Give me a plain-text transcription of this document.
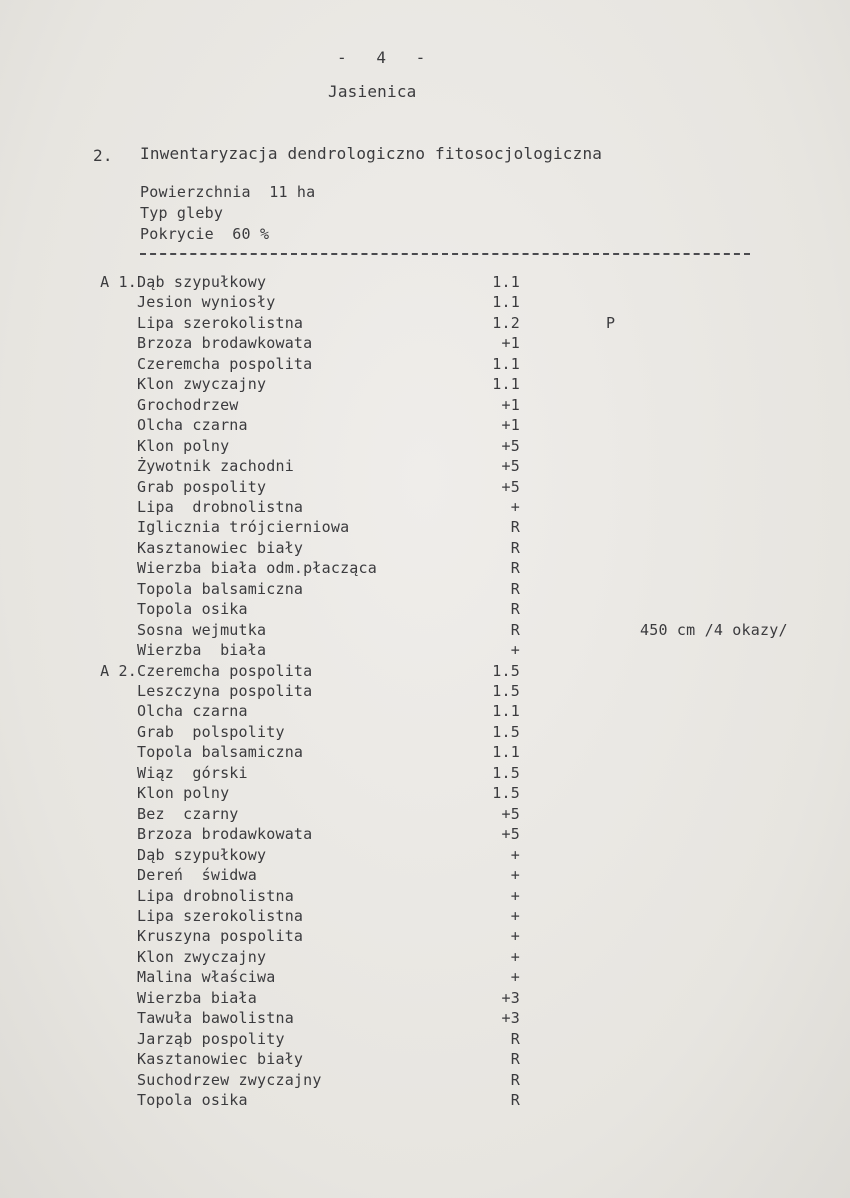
-   4   -
Jasienica
2. Inwentaryzacja dendrologiczno fitosocjologiczna
Powierzchnia  11 ha
Typ gleby
Pokrycie  60 %
A 1. Dąb szypułkowy	1.1
Jesion wyniosły	1.1
Lipa szerokolistna	1.2	P
Brzoza brodawkowata	+1
Czeremcha pospolita	1.1
Klon zwyczajny	1.1
Grochodrzew	+1
Olcha czarna	+1
Klon polny	+5
Żywotnik zachodni	+5
Grab pospolity	+5
Lipa  drobnolistna	+
Iglicznia trójcierniowa	R
Kasztanowiec biały	R
Wierzba biała odm.płacząca	R
Topola balsamiczna	R
Topola osika	R
Sosna wejmutka	R	450 cm /4 okazy/
Wierzba  biała	+
A 2. Czeremcha pospolita	1.5
Leszczyna pospolita	1.5
Olcha czarna	1.1
Grab  polspolity	1.5
Topola balsamiczna	1.1
Wiąz  górski	1.5
Klon polny	1.5
Bez  czarny	+5
Brzoza brodawkowata	+5
Dąb szypułkowy	+
Dereń  świdwa	+
Lipa drobnolistna	+
Lipa szerokolistna	+
Kruszyna pospolita	+
Klon zwyczajny	+
Malina właściwa	+
Wierzba biała	+3
Tawuła bawolistna	+3
Jarząb pospolity	R
Kasztanowiec biały	R
Suchodrzew zwyczajny	R
Topola osika	R
